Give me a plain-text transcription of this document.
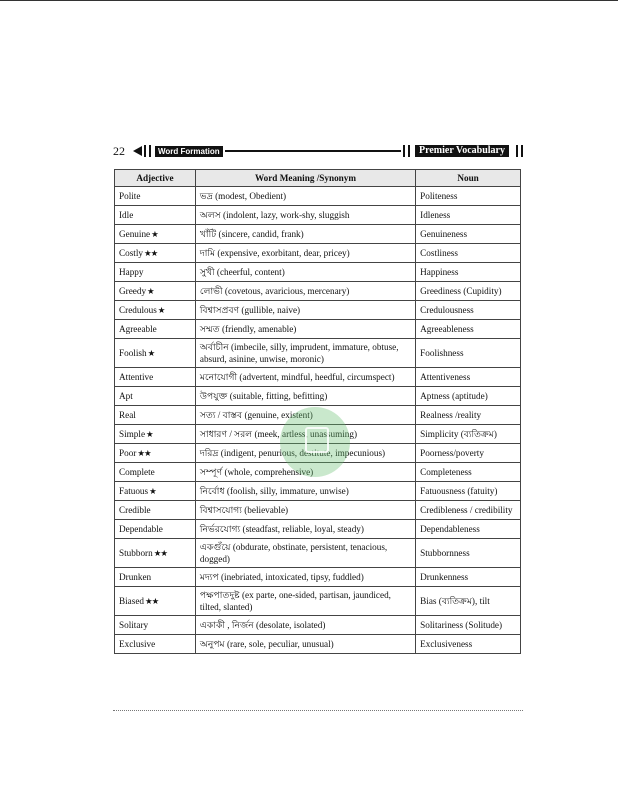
22	Word Formation	Premier Vocabulary
Adjective	Word Meaning /Synonym	Noun
Polite	ভদ্র (modest, Obedient)	Politeness
Idle	অলস (indolent, lazy, work-shy, sluggish	Idleness
Genuine★	খাঁটি (sincere, candid, frank)	Genuineness
Costly★★	দামি (expensive, exorbitant, dear, pricey)	Costliness
Happy	সুখী (cheerful, content)	Happiness
Greedy★	লোভী (covetous, avaricious, mercenary)	Greediness (Cupidity)
Credulous★	বিশ্বাসপ্রবণ (gullible, naive)	Credulousness
Agreeable	সম্মত (friendly, amenable)	Agreeableness
Foolish★	অর্বাচীন (imbecile, silly, imprudent, immature, obtuse, absurd, asinine, unwise, moronic)	Foolishness
Attentive	মনোযোগী (advertent, mindful, heedful, circumspect)	Attentiveness
Apt	উপযুক্ত (suitable, fitting, befitting)	Aptness (aptitude)
Real	সত্য / বাস্তব (genuine, existent)	Realness /reality
Simple★	সাধারণ / সরল (meek, artless, unassuming)	Simplicity (ব্যতিক্রম)
Poor★★	দরিদ্র (indigent, penurious, destitute, impecunious)	Poorness/poverty
Complete	সম্পূর্ণ (whole, comprehensive)	Completeness
Fatuous★	নির্বোধ (foolish, silly, immature, unwise)	Fatuousness (fatuity)
Credible	বিশ্বাসযোগ্য (believable)	Credibleness / credibility
Dependable	নির্ভরযোগ্য (steadfast, reliable, loyal, steady)	Dependableness
Stubborn★★	একগুঁয়ে (obdurate, obstinate, persistent, tenacious, dogged)	Stubbornness
Drunken	মদ্যপ (inebriated, intoxicated, tipsy, fuddled)	Drunkenness
Biased★★	পক্ষপাতদুষ্ট (ex parte, one-sided, partisan, jaundiced, tilted, slanted)	Bias (ব্যতিক্রম), tilt
Solitary	একাকী , নির্জন (desolate, isolated)	Solitariness (Solitude)
Exclusive	অনুপম (rare, sole, peculiar, unusual)	Exclusiveness
